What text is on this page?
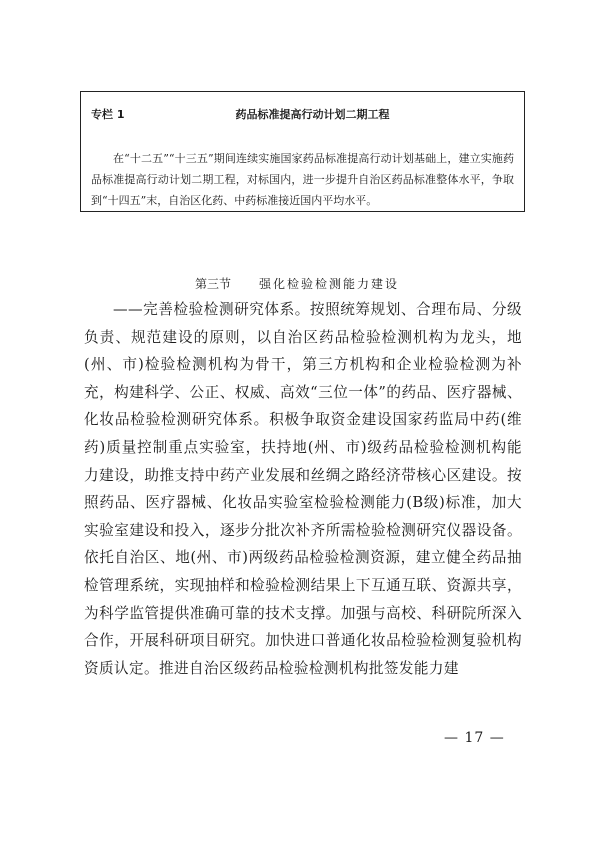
专栏 1	药品标准提高行动计划二期工程
在“十二五”“十三五”期间连续实施国家药品标准提高行动计划基础上，建立实施药品标准提高行动计划二期工程，对标国内，进一步提升自治区药品标准整体水平，争取到“十四五”末，自治区化药、中药标准接近国内平均水平。
第三节 强化检验检测能力建设
——完善检验检测研究体系。按照统筹规划、合理布局、分级负责、规范建设的原则，以自治区药品检验检测机构为龙头，地(州、市)检验检测机构为骨干，第三方机构和企业检验检测为补充，构建科学、公正、权威、高效“三位一体”的药品、医疗器械、化妆品检验检测研究体系。积极争取资金建设国家药监局中药(维药)质量控制重点实验室，扶持地(州、市)级药品检验检测机构能力建设，助推支持中药产业发展和丝绸之路经济带核心区建设。按照药品、医疗器械、化妆品实验室检验检测能力(B级)标准，加大实验室建设和投入，逐步分批次补齐所需检验检测研究仪器设备。依托自治区、地(州、市)两级药品检验检测资源，建立健全药品抽检管理系统，实现抽样和检验检测结果上下互通互联、资源共享，为科学监管提供准确可靠的技术支撑。加强与高校、科研院所深入合作，开展科研项目研究。加快进口普通化妆品检验检测复验机构资质认定。推进自治区级药品检验检测机构批签发能力建
— 17 —
